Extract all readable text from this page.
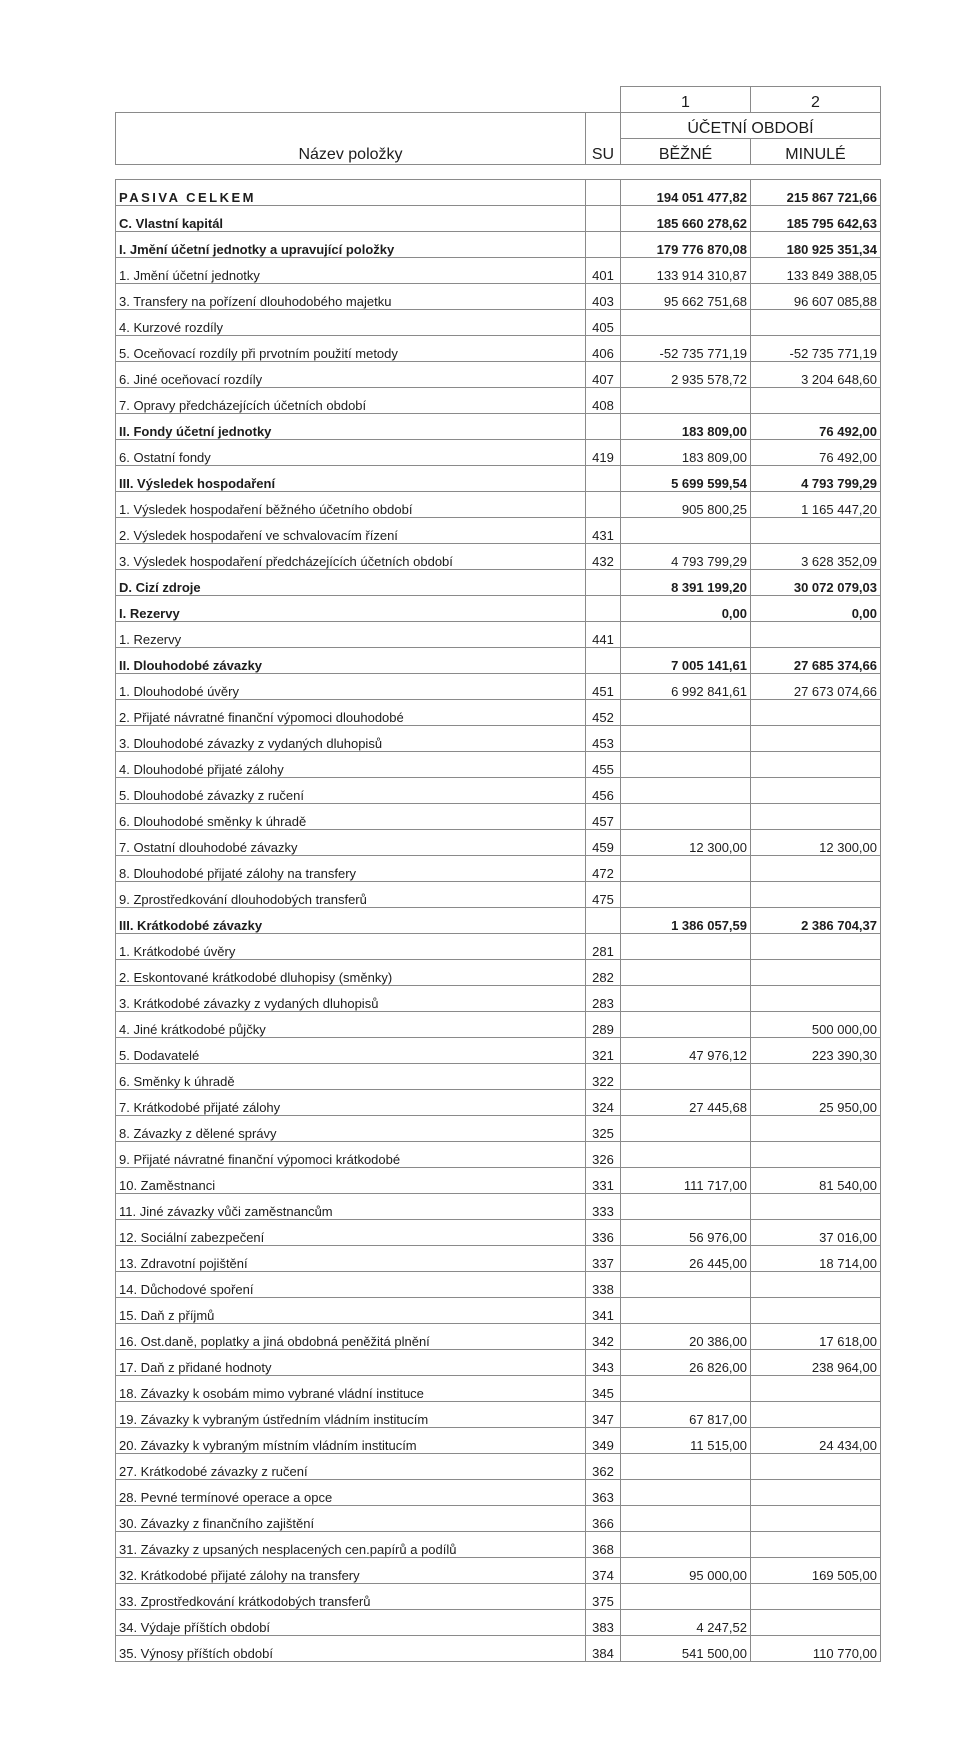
		1	2
Název položky	SU	ÚČETNÍ OBDOBÍ	
		BĚŽNÉ	MINULÉ

PASIVA CELKEM		194 051 477,82	215 867 721,66
C. Vlastní kapitál		185 660 278,62	185 795 642,63
I. Jmění účetní jednotky a upravující položky		179 776 870,08	180 925 351,34
1. Jmění účetní jednotky	401	133 914 310,87	133 849 388,05
3. Transfery na pořízení dlouhodobého majetku	403	95 662 751,68	96 607 085,88
4. Kurzové rozdíly	405		
5. Oceňovací rozdíly při prvotním použití metody	406	-52 735 771,19	-52 735 771,19
6. Jiné oceňovací rozdíly	407	2 935 578,72	3 204 648,60
7. Opravy předcházejících účetních období	408		
II. Fondy účetní jednotky		183 809,00	76 492,00
6. Ostatní fondy	419	183 809,00	76 492,00
III. Výsledek hospodaření		5 699 599,54	4 793 799,29
1. Výsledek hospodaření běžného účetního období		905 800,25	1 165 447,20
2. Výsledek hospodaření ve schvalovacím řízení	431		
3. Výsledek hospodaření předcházejících účetních období	432	4 793 799,29	3 628 352,09
D. Cizí zdroje		8 391 199,20	30 072 079,03
I. Rezervy		0,00	0,00
1. Rezervy	441		
II. Dlouhodobé závazky		7 005 141,61	27 685 374,66
1. Dlouhodobé úvěry	451	6 992 841,61	27 673 074,66
2. Přijaté návratné finanční výpomoci dlouhodobé	452		
3. Dlouhodobé závazky z vydaných dluhopisů	453		
4. Dlouhodobé přijaté zálohy	455		
5. Dlouhodobé závazky z ručení	456		
6. Dlouhodobé směnky k úhradě	457		
7. Ostatní dlouhodobé závazky	459	12 300,00	12 300,00
8. Dlouhodobé přijaté zálohy na transfery	472		
9. Zprostředkování dlouhodobých transferů	475		
III. Krátkodobé závazky		1 386 057,59	2 386 704,37
1. Krátkodobé úvěry	281		
2. Eskontované krátkodobé dluhopisy (směnky)	282		
3. Krátkodobé závazky z vydaných dluhopisů	283		
4. Jiné krátkodobé půjčky	289		500 000,00
5. Dodavatelé	321	47 976,12	223 390,30
6. Směnky k úhradě	322		
7. Krátkodobé přijaté zálohy	324	27 445,68	25 950,00
8. Závazky z dělené správy	325		
9. Přijaté návratné finanční výpomoci krátkodobé	326		
10. Zaměstnanci	331	111 717,00	81 540,00
11. Jiné závazky vůči zaměstnancům	333		
12. Sociální zabezpečení	336	56 976,00	37 016,00
13. Zdravotní pojištění	337	26 445,00	18 714,00
14. Důchodové spoření	338		
15. Daň z příjmů	341		
16. Ost.daně, poplatky a jiná obdobná peněžitá plnění	342	20 386,00	17 618,00
17. Daň z přidané hodnoty	343	26 826,00	238 964,00
18. Závazky k osobám mimo vybrané vládní instituce	345		
19. Závazky k vybraným ústředním vládním institucím	347	67 817,00	
20. Závazky k vybraným místním vládním institucím	349	11 515,00	24 434,00
27. Krátkodobé závazky z ručení	362		
28. Pevné termínové operace a opce	363		
30. Závazky z finančního zajištění	366		
31. Závazky z upsaných nesplacených cen.papírů a podílů	368		
32. Krátkodobé přijaté zálohy na transfery	374	95 000,00	169 505,00
33. Zprostředkování krátkodobých transferů	375		
34. Výdaje příštích období	383	4 247,52	
35. Výnosy příštích období	384	541 500,00	110 770,00
